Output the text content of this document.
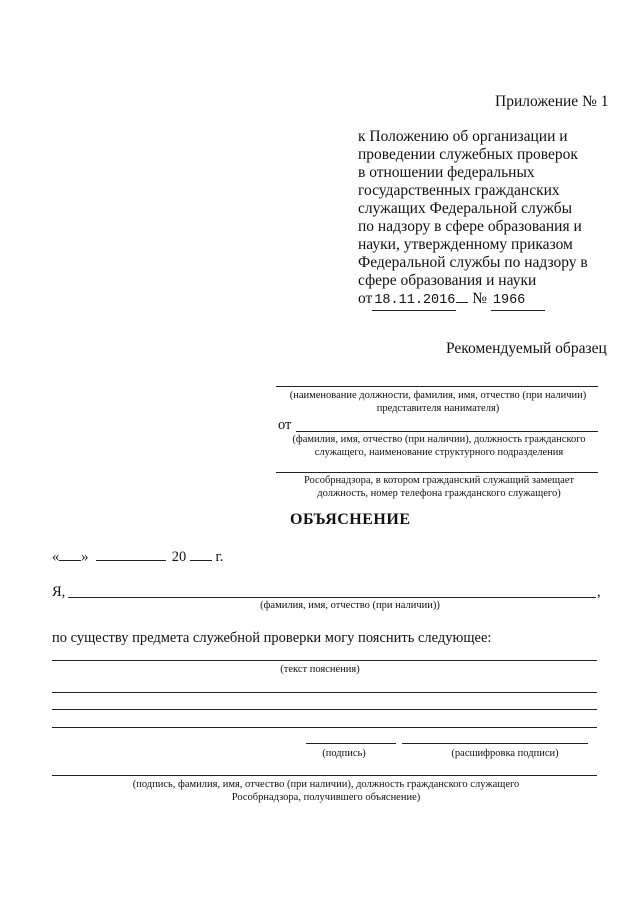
Приложение № 1
к Положению об организации и
проведении служебных проверок
в отношении федеральных
государственных гражданских
служащих Федеральной службы
по надзору в сфере образования и
науки, утвержденному приказом
Федеральной службы по надзору в
сфере образования и науки
от 18.11.2016 № 1966
Рекомендуемый образец
(наименование должности, фамилия, имя, отчество (при наличии) представителя нанимателя)
от
(фамилия, имя, отчество (при наличии), должность гражданского служащего, наименование структурного подразделения
Рособрнадзора, в котором гражданский служащий замещает должность, номер телефона гражданского служащего)
ОБЪЯСНЕНИЕ
« »	20 г.
Я,	,
(фамилия, имя, отчество (при наличии))
по существу предмета служебной проверки могу пояснить следующее:
(текст пояснения)
(подпись)	(расшифровка подписи)
(подпись, фамилия, имя, отчество (при наличии), должность гражданского служащего Рособрнадзора, получившего объяснение)
